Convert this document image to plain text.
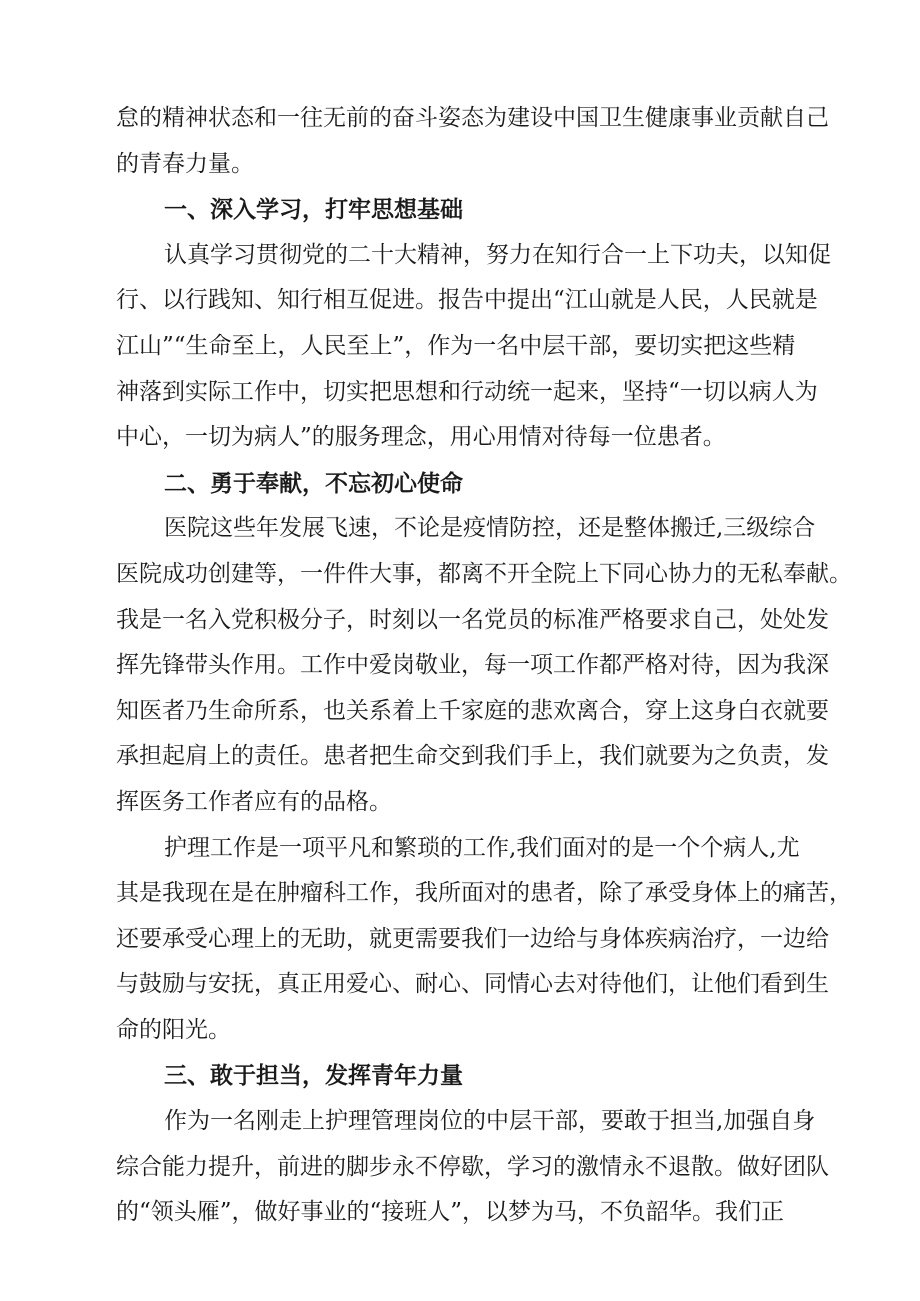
怠的精神状态和一往无前的奋斗姿态为建设中国卫生健康事业贡献自己
的青春力量。
一、深入学习，打牢思想基础
认真学习贯彻党的二十大精神，努力在知行合一上下功夫，以知促
行、以行践知、知行相互促进。报告中提出“江山就是人民，人民就是
江山”“生命至上，人民至上”，作为一名中层干部，要切实把这些精
神落到实际工作中，切实把思想和行动统一起来，坚持“一切以病人为
中心，一切为病人”的服务理念，用心用情对待每一位患者。
二、勇于奉献，不忘初心使命
医院这些年发展飞速，不论是疫情防控，还是整体搬迁,三级综合
医院成功创建等，一件件大事，都离不开全院上下同心协力的无私奉献。
我是一名入党积极分子，时刻以一名党员的标准严格要求自己，处处发
挥先锋带头作用。工作中爱岗敬业，每一项工作都严格对待，因为我深
知医者乃生命所系，也关系着上千家庭的悲欢离合，穿上这身白衣就要
承担起肩上的责任。患者把生命交到我们手上，我们就要为之负责，发
挥医务工作者应有的品格。
护理工作是一项平凡和繁琐的工作,我们面对的是一个个病人,尤
其是我现在是在肿瘤科工作，我所面对的患者，除了承受身体上的痛苦，
还要承受心理上的无助，就更需要我们一边给与身体疾病治疗，一边给
与鼓励与安抚，真正用爱心、耐心、同情心去对待他们，让他们看到生
命的阳光。
三、敢于担当，发挥青年力量
作为一名刚走上护理管理岗位的中层干部，要敢于担当,加强自身
综合能力提升，前进的脚步永不停歇，学习的激情永不退散。做好团队
的“领头雁”，做好事业的“接班人”，以梦为马，不负韶华。我们正
